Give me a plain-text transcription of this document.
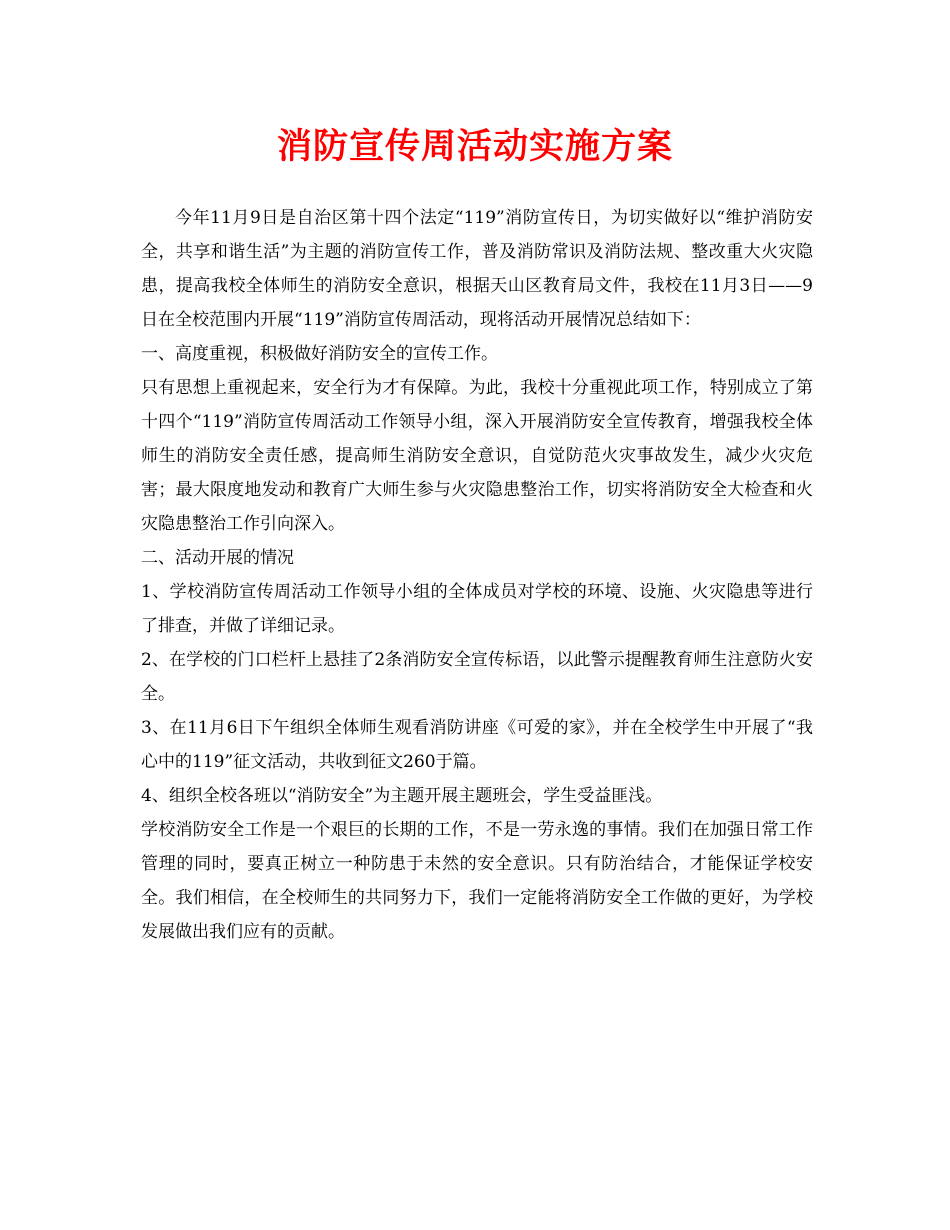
消防宣传周活动实施方案

今年11月9日是自治区第十四个法定“119”消防宣传日，为切实做好以“维护消防安全，共享和谐生活”为主题的消防宣传工作，普及消防常识及消防法规、整改重大火灾隐患，提高我校全体师生的消防安全意识，根据天山区教育局文件，我校在11月3日——9日在全校范围内开展“119”消防宣传周活动，现将活动开展情况总结如下：

一、高度重视，积极做好消防安全的宣传工作。

只有思想上重视起来，安全行为才有保障。为此，我校十分重视此项工作，特别成立了第十四个“119”消防宣传周活动工作领导小组，深入开展消防安全宣传教育，增强我校全体师生的消防安全责任感，提高师生消防安全意识，自觉防范火灾事故发生，减少火灾危害；最大限度地发动和教育广大师生参与火灾隐患整治工作，切实将消防安全大检查和火灾隐患整治工作引向深入。

二、活动开展的情况

1、学校消防宣传周活动工作领导小组的全体成员对学校的环境、设施、火灾隐患等进行了排查，并做了详细记录。

2、在学校的门口栏杆上悬挂了2条消防安全宣传标语，以此警示提醒教育师生注意防火安全。

3、在11月6日下午组织全体师生观看消防讲座《可爱的家》，并在全校学生中开展了“我心中的119”征文活动，共收到征文260于篇。

4、组织全校各班以“消防安全”为主题开展主题班会，学生受益匪浅。

学校消防安全工作是一个艰巨的长期的工作，不是一劳永逸的事情。我们在加强日常工作管理的同时，要真正树立一种防患于未然的安全意识。只有防治结合，才能保证学校安全。我们相信，在全校师生的共同努力下，我们一定能将消防安全工作做的更好，为学校发展做出我们应有的贡献。
